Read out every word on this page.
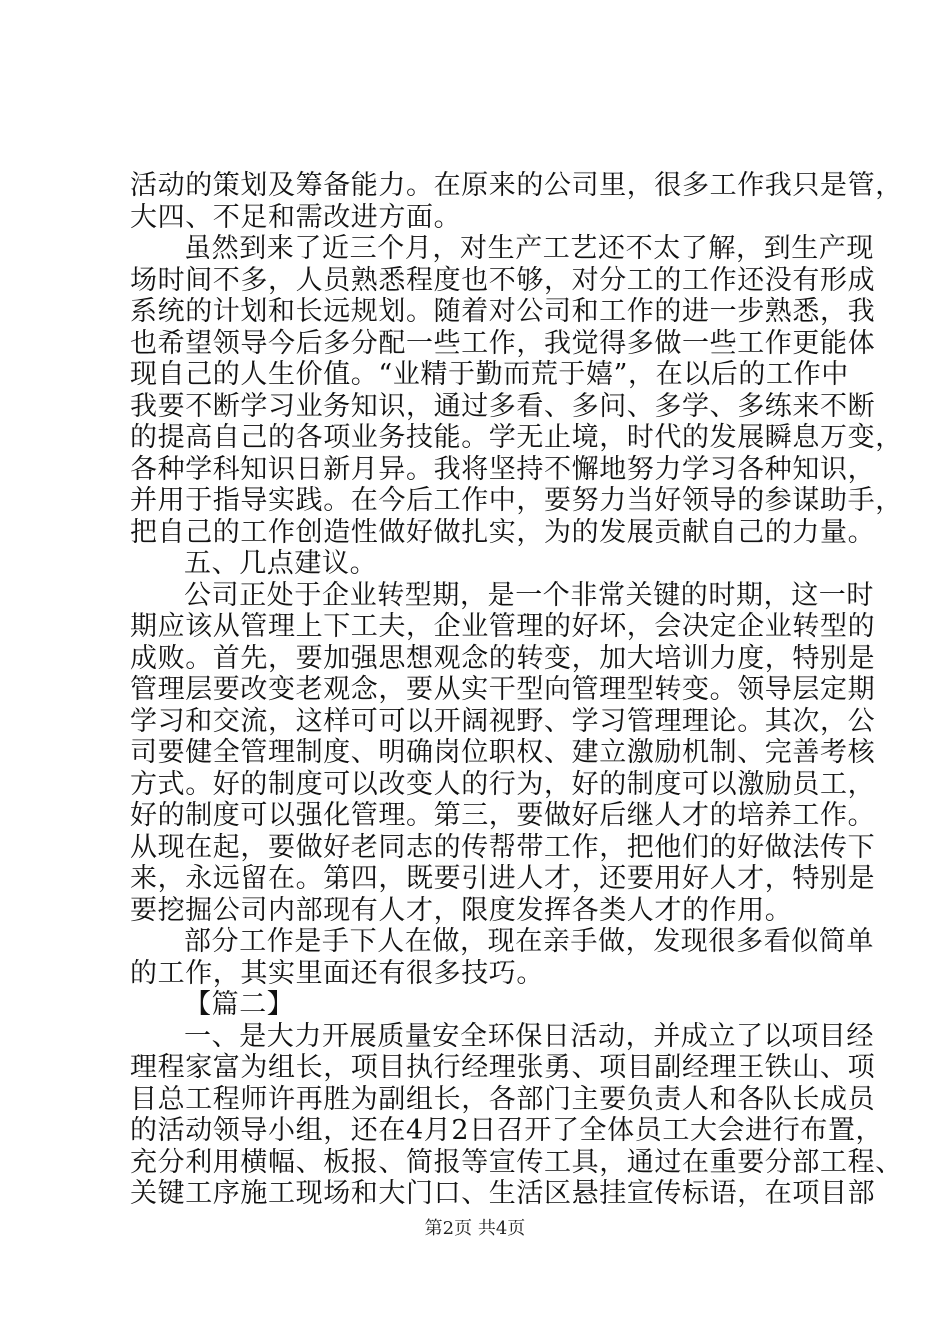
活动的策划及筹备能力。在原来的公司里，很多工作我只是管，
大四、不足和需改进方面。
虽然到来了近三个月，对生产工艺还不太了解，到生产现
场时间不多，人员熟悉程度也不够，对分工的工作还没有形成
系统的计划和长远规划。随着对公司和工作的进一步熟悉，我
也希望领导今后多分配一些工作，我觉得多做一些工作更能体
现自己的人生价值。“业精于勤而荒于嬉”，在以后的工作中
我要不断学习业务知识，通过多看、多问、多学、多练来不断
的提高自己的各项业务技能。学无止境，时代的发展瞬息万变，
各种学科知识日新月异。我将坚持不懈地努力学习各种知识，
并用于指导实践。在今后工作中，要努力当好领导的参谋助手，
把自己的工作创造性做好做扎实，为的发展贡献自己的力量。
五、几点建议。
公司正处于企业转型期，是一个非常关键的时期，这一时
期应该从管理上下工夫，企业管理的好坏，会决定企业转型的
成败。首先，要加强思想观念的转变，加大培训力度，特别是
管理层要改变老观念，要从实干型向管理型转变。领导层定期
学习和交流，这样可可以开阔视野、学习管理理论。其次，公
司要健全管理制度、明确岗位职权、建立激励机制、完善考核
方式。好的制度可以改变人的行为，好的制度可以激励员工，
好的制度可以强化管理。第三，要做好后继人才的培养工作。
从现在起，要做好老同志的传帮带工作，把他们的好做法传下
来，永远留在。第四，既要引进人才，还要用好人才，特别是
要挖掘公司内部现有人才，限度发挥各类人才的作用。
部分工作是手下人在做，现在亲手做，发现很多看似简单
的工作，其实里面还有很多技巧。
【篇二】
一、是大力开展质量安全环保日活动，并成立了以项目经
理程家富为组长，项目执行经理张勇、项目副经理王铁山、项
目总工程师许再胜为副组长，各部门主要负责人和各队长成员
的活动领导小组，还在4月2日召开了全体员工大会进行布置，
充分利用横幅、板报、简报等宣传工具，通过在重要分部工程、
关键工序施工现场和大门口、生活区悬挂宣传标语，在项目部
第2页 共4页
